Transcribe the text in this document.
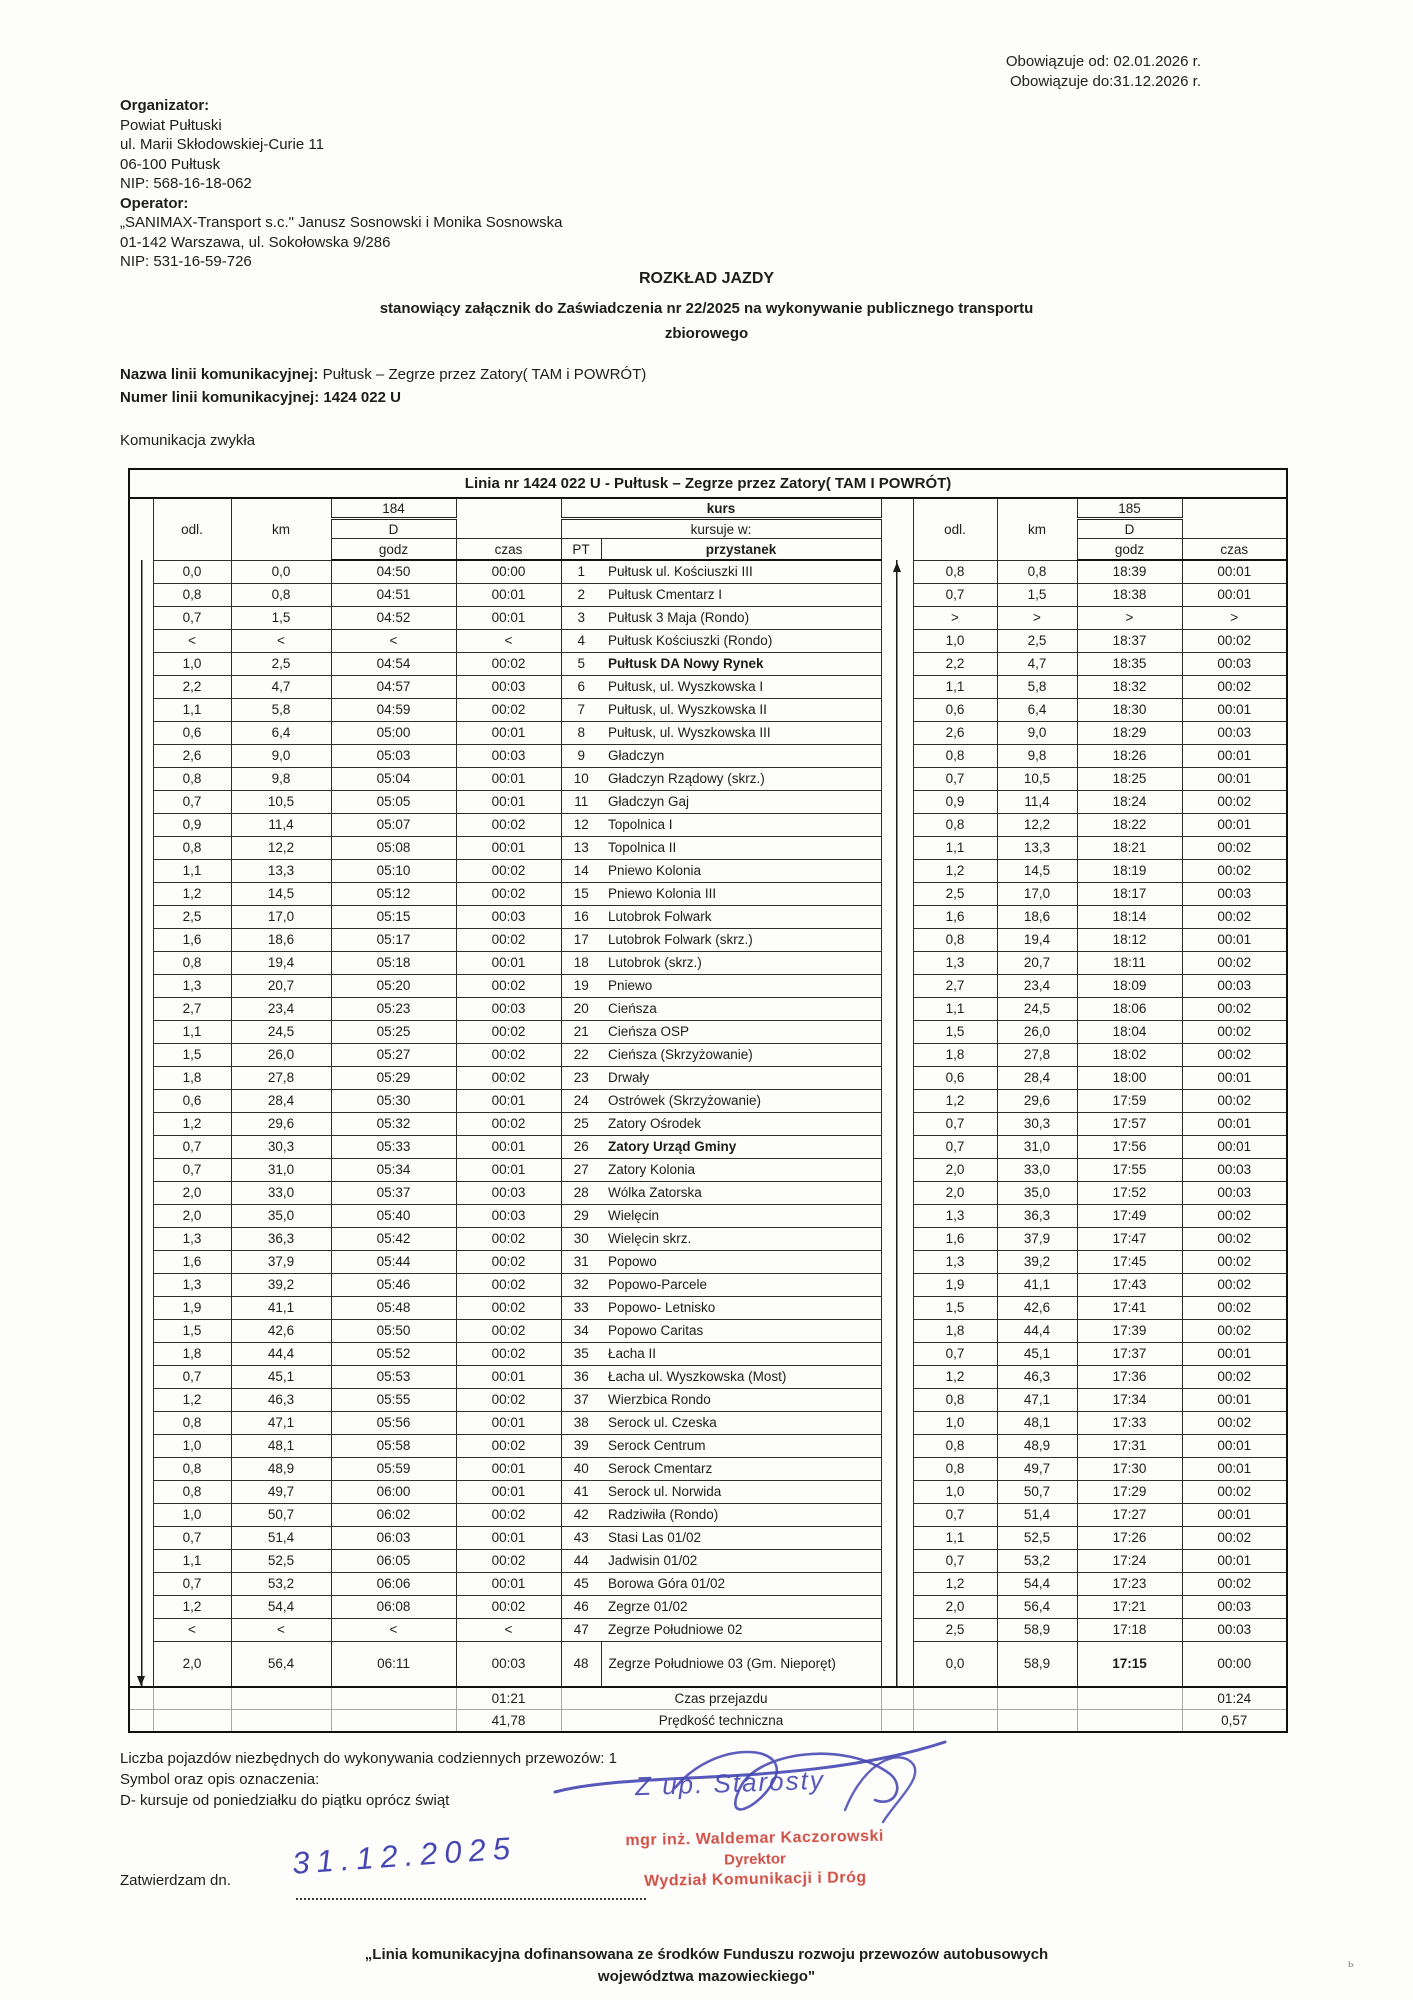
Obowiązuje od: 02.01.2026 r.
Obowiązuje do:31.12.2026 r.
Organizator:
Powiat Pułtuski
ul. Marii Skłodowskiej-Curie 11
06-100 Pułtusk
NIP: 568-16-18-062
Operator:
„SANIMAX-Transport s.c." Janusz Sosnowski i Monika Sosnowska
01-142 Warszawa, ul. Sokołowska 9/286
NIP: 531-16-59-726
ROZKŁAD JAZDY
stanowiący załącznik do Zaświadczenia nr 22/2025 na wykonywanie publicznego transportu
zbiorowego
Nazwa linii komunikacyjnej: Pułtusk – Zegrze przez Zatory( TAM i POWRÓT)
Numer linii komunikacyjnej: 1424 022 U
Komunikacja zwykła
Linia nr 1424 022 U - Pułtusk – Zegrze przez Zatory( TAM I POWRÓT)											
	odl.	km	184		kurs			odl.	km	185	
			D		kursuje w:					D	
			godz	czas	PT	przystanek				godz	czas
	0,0	0,0	04:50	00:00	1	Pułtusk ul. Kościuszki III		0,8	0,8	18:39	00:01
	0,8	0,8	04:51	00:01	2	Pułtusk Cmentarz I		0,7	1,5	18:38	00:01
	0,7	1,5	04:52	00:01	3	Pułtusk 3 Maja (Rondo)		>	>	>	>
	<	<	<	<	4	Pułtusk Kościuszki (Rondo)		1,0	2,5	18:37	00:02
	1,0	2,5	04:54	00:02	5	Pułtusk DA Nowy Rynek		2,2	4,7	18:35	00:03
	2,2	4,7	04:57	00:03	6	Pułtusk, ul. Wyszkowska I		1,1	5,8	18:32	00:02
	1,1	5,8	04:59	00:02	7	Pułtusk, ul. Wyszkowska II		0,6	6,4	18:30	00:01
	0,6	6,4	05:00	00:01	8	Pułtusk, ul. Wyszkowska III		2,6	9,0	18:29	00:03
	2,6	9,0	05:03	00:03	9	Gładczyn		0,8	9,8	18:26	00:01
	0,8	9,8	05:04	00:01	10	Gładczyn Rządowy (skrz.)		0,7	10,5	18:25	00:01
	0,7	10,5	05:05	00:01	11	Gładczyn Gaj		0,9	11,4	18:24	00:02
	0,9	11,4	05:07	00:02	12	Topolnica I		0,8	12,2	18:22	00:01
	0,8	12,2	05:08	00:01	13	Topolnica II		1,1	13,3	18:21	00:02
	1,1	13,3	05:10	00:02	14	Pniewo Kolonia		1,2	14,5	18:19	00:02
	1,2	14,5	05:12	00:02	15	Pniewo Kolonia III		2,5	17,0	18:17	00:03
	2,5	17,0	05:15	00:03	16	Lutobrok Folwark		1,6	18,6	18:14	00:02
	1,6	18,6	05:17	00:02	17	Lutobrok Folwark (skrz.)		0,8	19,4	18:12	00:01
	0,8	19,4	05:18	00:01	18	Lutobrok (skrz.)		1,3	20,7	18:11	00:02
	1,3	20,7	05:20	00:02	19	Pniewo		2,7	23,4	18:09	00:03
	2,7	23,4	05:23	00:03	20	Cieńsza		1,1	24,5	18:06	00:02
	1,1	24,5	05:25	00:02	21	Cieńsza OSP		1,5	26,0	18:04	00:02
	1,5	26,0	05:27	00:02	22	Cieńsza (Skrzyżowanie)		1,8	27,8	18:02	00:02
	1,8	27,8	05:29	00:02	23	Drwały		0,6	28,4	18:00	00:01
	0,6	28,4	05:30	00:01	24	Ostrówek (Skrzyżowanie)		1,2	29,6	17:59	00:02
	1,2	29,6	05:32	00:02	25	Zatory Ośrodek		0,7	30,3	17:57	00:01
	0,7	30,3	05:33	00:01	26	Zatory Urząd Gminy		0,7	31,0	17:56	00:01
	0,7	31,0	05:34	00:01	27	Zatory Kolonia		2,0	33,0	17:55	00:03
	2,0	33,0	05:37	00:03	28	Wólka Zatorska		2,0	35,0	17:52	00:03
	2,0	35,0	05:40	00:03	29	Wielęcin		1,3	36,3	17:49	00:02
	1,3	36,3	05:42	00:02	30	Wielęcin skrz.		1,6	37,9	17:47	00:02
	1,6	37,9	05:44	00:02	31	Popowo		1,3	39,2	17:45	00:02
	1,3	39,2	05:46	00:02	32	Popowo-Parcele		1,9	41,1	17:43	00:02
	1,9	41,1	05:48	00:02	33	Popowo- Letnisko		1,5	42,6	17:41	00:02
	1,5	42,6	05:50	00:02	34	Popowo Caritas		1,8	44,4	17:39	00:02
	1,8	44,4	05:52	00:02	35	Łacha II		0,7	45,1	17:37	00:01
	0,7	45,1	05:53	00:01	36	Łacha ul. Wyszkowska (Most)		1,2	46,3	17:36	00:02
	1,2	46,3	05:55	00:02	37	Wierzbica Rondo		0,8	47,1	17:34	00:01
	0,8	47,1	05:56	00:01	38	Serock ul. Czeska		1,0	48,1	17:33	00:02
	1,0	48,1	05:58	00:02	39	Serock Centrum		0,8	48,9	17:31	00:01
	0,8	48,9	05:59	00:01	40	Serock Cmentarz		0,8	49,7	17:30	00:01
	0,8	49,7	06:00	00:01	41	Serock ul. Norwida		1,0	50,7	17:29	00:02
	1,0	50,7	06:02	00:02	42	Radziwiła (Rondo)		0,7	51,4	17:27	00:01
	0,7	51,4	06:03	00:01	43	Stasi Las 01/02		1,1	52,5	17:26	00:02
	1,1	52,5	06:05	00:02	44	Jadwisin 01/02		0,7	53,2	17:24	00:01
	0,7	53,2	06:06	00:01	45	Borowa Góra 01/02		1,2	54,4	17:23	00:02
	1,2	54,4	06:08	00:02	46	Zegrze 01/02		2,0	56,4	17:21	00:03
	<	<	<	<	47	Zegrze Południowe 02		2,5	58,9	17:18	00:03
	2,0	56,4	06:11	00:03	48	Zegrze Południowe 03 (Gm. Nieporęt)		0,0	58,9	17:15	00:00
				01:21	Czas przejazdu						01:24
				41,78	Prędkość techniczna						0,57
Liczba pojazdów niezbędnych do wykonywania codziennych przewozów: 1
Symbol oraz opis oznaczenia:
D- kursuje od poniedziałku do piątku oprócz świąt
Zatwierdzam dn. 31.12.2025
Z up. Starosty
mgr inż. Waldemar Kaczorowski
Dyrektor
Wydział Komunikacji i Dróg
„Linia komunikacyjna dofinansowana ze środków Funduszu rozwoju przewozów autobusowych
województwa mazowieckiego"
ь
